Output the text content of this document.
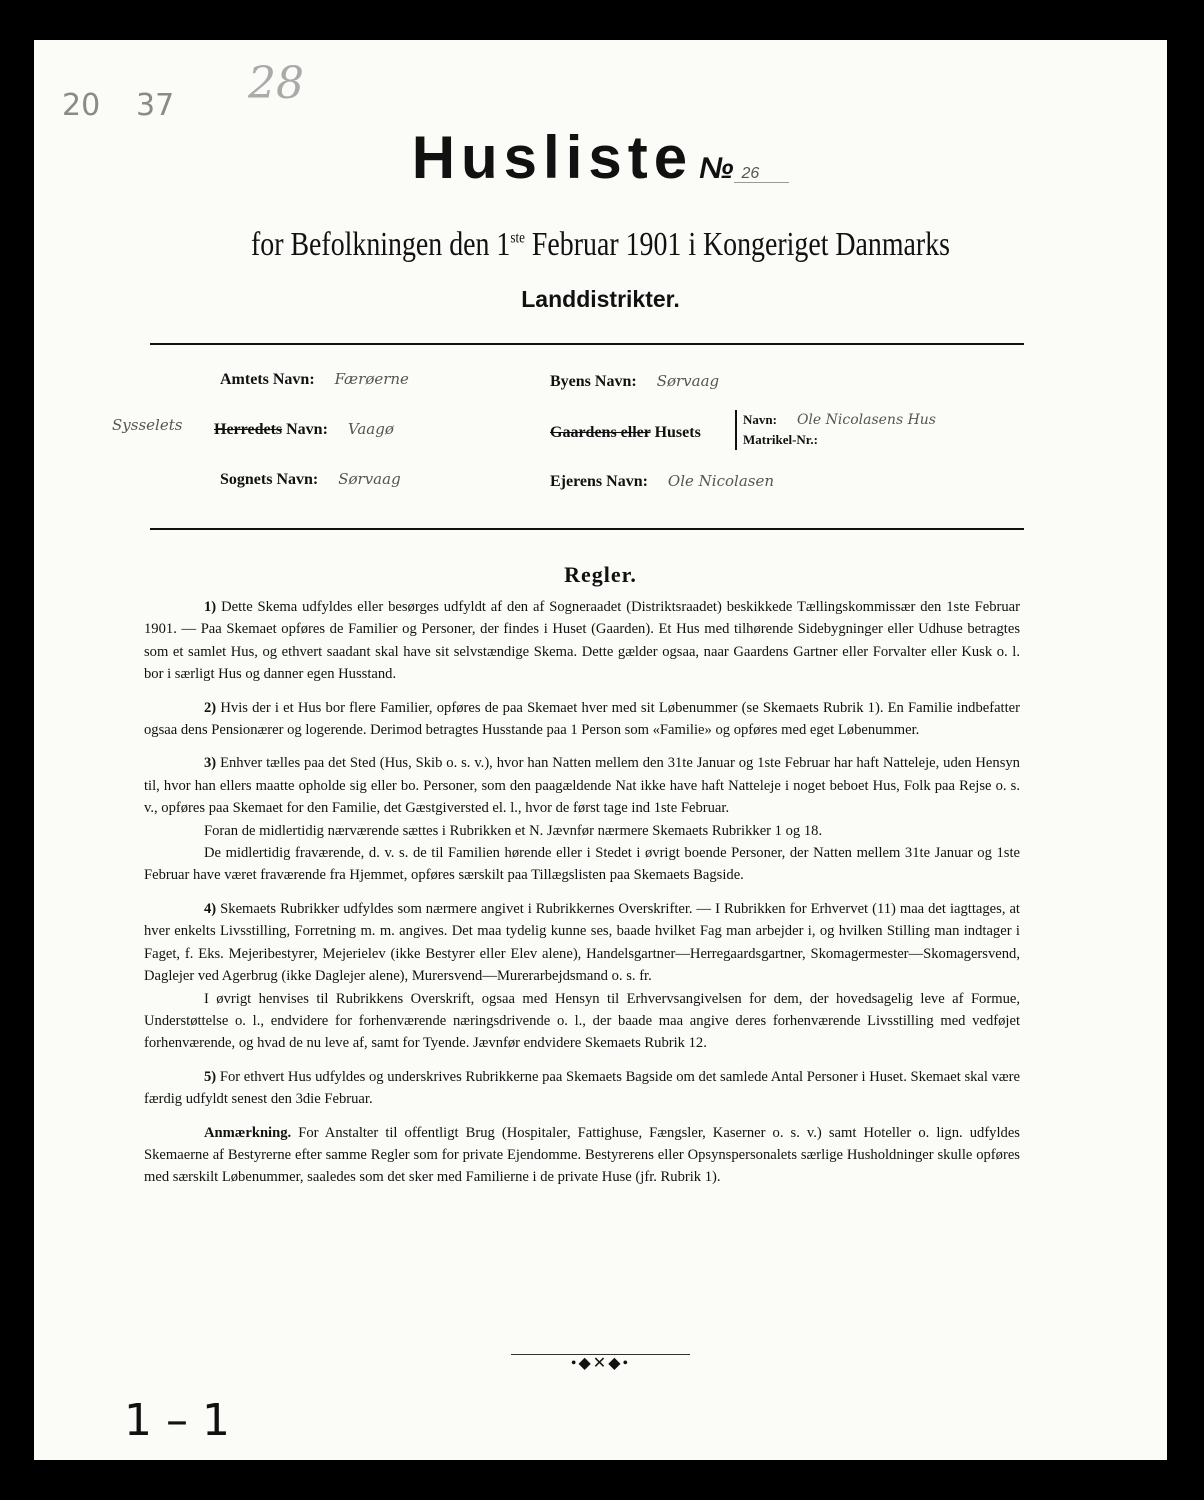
20 37 28
Husliste № 26
for Befolkningen den 1ste Februar 1901 i Kongeriget Danmarks
Landdistrikter.
Amtets Navn: Færøerne	Byens Navn: Sørvaag
Sysselets Herredets Navn: Vaagø	Gaardens eller Husets
Navn: Ole Nicolasens Hus
Matrikel-Nr.:
Sognets Navn: Sørvaag	Ejerens Navn: Ole Nicolasen
Regler.

1) Dette Skema udfyldes eller besørges udfyldt af den af Sogneraadet (Distriktsraadet) beskikkede Tællingskommissær den 1ste Februar 1901. — Paa Skemaet opføres de Familier og Personer, der findes i Huset (Gaarden). Et Hus med tilhørende Sidebygninger eller Udhuse betragtes som et samlet Hus, og ethvert saadant skal have sit selvstændige Skema. Dette gælder ogsaa, naar Gaardens Gartner eller Forvalter eller Kusk o. l. bor i særligt Hus og danner egen Husstand.

2) Hvis der i et Hus bor flere Familier, opføres de paa Skemaet hver med sit Løbenummer (se Skemaets Rubrik 1). En Familie indbefatter ogsaa dens Pensionærer og logerende. Derimod betragtes Husstande paa 1 Person som «Familie» og opføres med eget Løbenummer.

3) Enhver tælles paa det Sted (Hus, Skib o. s. v.), hvor han Natten mellem den 31te Januar og 1ste Februar har haft Natteleje, uden Hensyn til, hvor han ellers maatte opholde sig eller bo. Personer, som den paagældende Nat ikke have haft Natteleje i noget beboet Hus, Folk paa Rejse o. s. v., opføres paa Skemaet for den Familie, det Gæstgiversted el. l., hvor de først tage ind 1ste Februar.

Foran de midlertidig nærværende sættes i Rubrikken et N. Jævnfør nærmere Skemaets Rubrikker 1 og 18.

De midlertidig fraværende, d. v. s. de til Familien hørende eller i Stedet i øvrigt boende Personer, der Natten mellem 31te Januar og 1ste Februar have været fraværende fra Hjemmet, opføres særskilt paa Tillægslisten paa Skemaets Bagside.

4) Skemaets Rubrikker udfyldes som nærmere angivet i Rubrikkernes Overskrifter. — I Rubrikken for Erhvervet (11) maa det iagttages, at hver enkelts Livsstilling, Forretning m. m. angives. Det maa tydelig kunne ses, baade hvilket Fag man arbejder i, og hvilken Stilling man indtager i Faget, f. Eks. Mejeribestyrer, Mejerielev (ikke Bestyrer eller Elev alene), Handelsgartner—Herregaardsgartner, Skomagermester—Skomagersvend, Daglejer ved Agerbrug (ikke Daglejer alene), Murersvend—Murerarbejdsmand o. s. fr.

I øvrigt henvises til Rubrikkens Overskrift, ogsaa med Hensyn til Erhvervsangivelsen for dem, der hovedsagelig leve af Formue, Understøttelse o. l., endvidere for forhenværende næringsdrivende o. l., der baade maa angive deres forhenværende Livsstilling med vedføjet forhenværende, og hvad de nu leve af, samt for Tyende. Jævnfør endvidere Skemaets Rubrik 12.

5) For ethvert Hus udfyldes og underskrives Rubrikkerne paa Skemaets Bagside om det samlede Antal Personer i Huset. Skemaet skal være færdig udfyldt senest den 3die Februar.

Anmærkning. For Anstalter til offentligt Brug (Hospitaler, Fattighuse, Fængsler, Kaserner o. s. v.) samt Hoteller o. lign. udfyldes Skemaerne af Bestyrerne efter samme Regler som for private Ejendomme. Bestyrerens eller Opsynspersonalets særlige Husholdninger skulle opføres med særskilt Løbenummer, saaledes som det sker med Familierne i de private Huse (jfr. Rubrik 1).

•◆✕◆•
1 – 1
